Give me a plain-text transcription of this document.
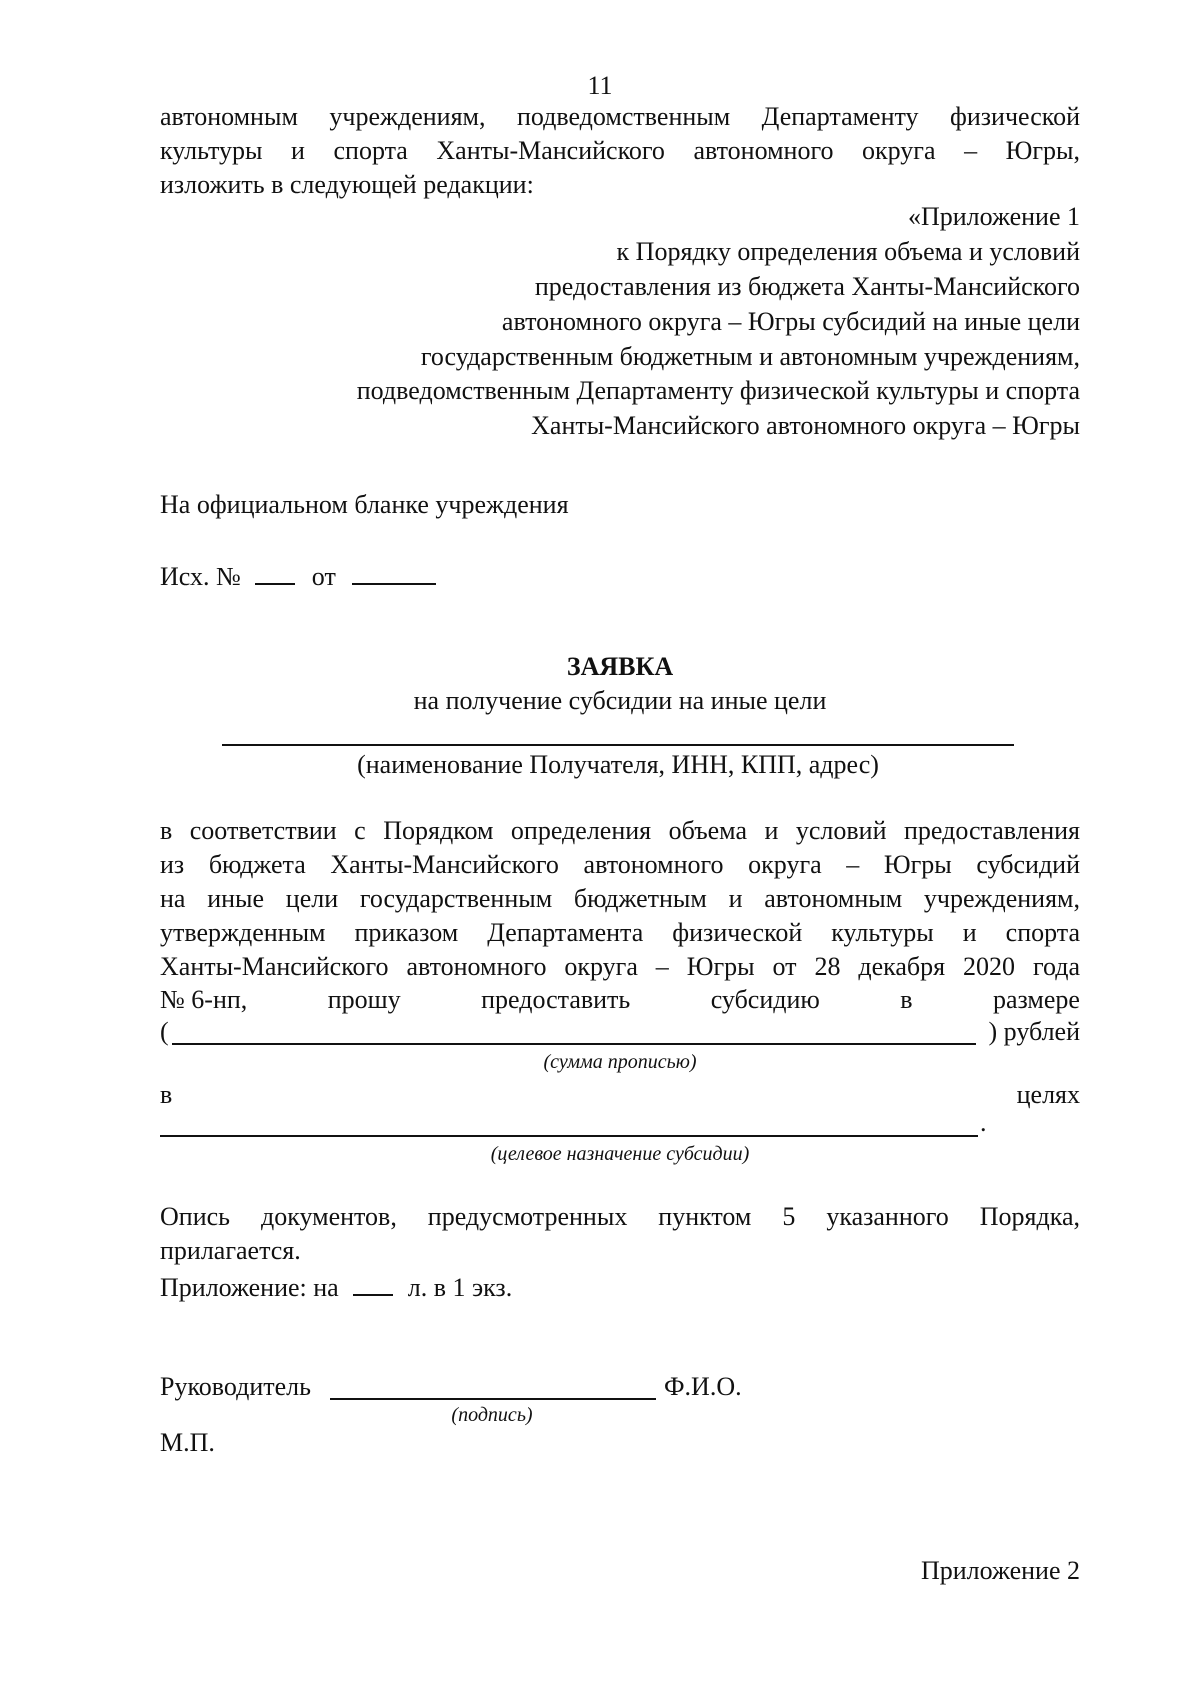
11
автономным учреждениям, подведомственным Департаменту физической
культуры и спорта Ханты-Мансийского автономного округа – Югры,
изложить в следующей редакции:
«Приложение 1
к Порядку определения объема и условий
предоставления из бюджета Ханты-Мансийского
автономного округа – Югры субсидий на иные цели
государственным бюджетным и автономным учреждениям,
подведомственным Департаменту физической культуры и спорта
Ханты-Мансийского автономного округа – Югры
На официальном бланке учреждения
Исх. №	от
ЗАЯВКА
на получение субсидии на иные цели
(наименование Получателя, ИНН, КПП, адрес)
в соответствии с Порядком определения объема и условий предоставления
из бюджета Ханты-Мансийского автономного округа – Югры субсидий
на иные цели государственным бюджетным и автономным учреждениям,
утвержденным приказом Департамента физической культуры и спорта
Ханты-Мансийского автономного округа – Югры от 28 декабря 2020 года
№ 6-нп,	прошу	предоставить	субсидию	в	размере
(	) рублей
(сумма прописью)
в	целях
.
(целевое назначение субсидии)
Опись документов, предусмотренных пунктом 5 указанного Порядка,
прилагается.
Приложение: на	л. в 1 экз.
Руководитель	Ф.И.О.
(подпись)
М.П.
Приложение 2
